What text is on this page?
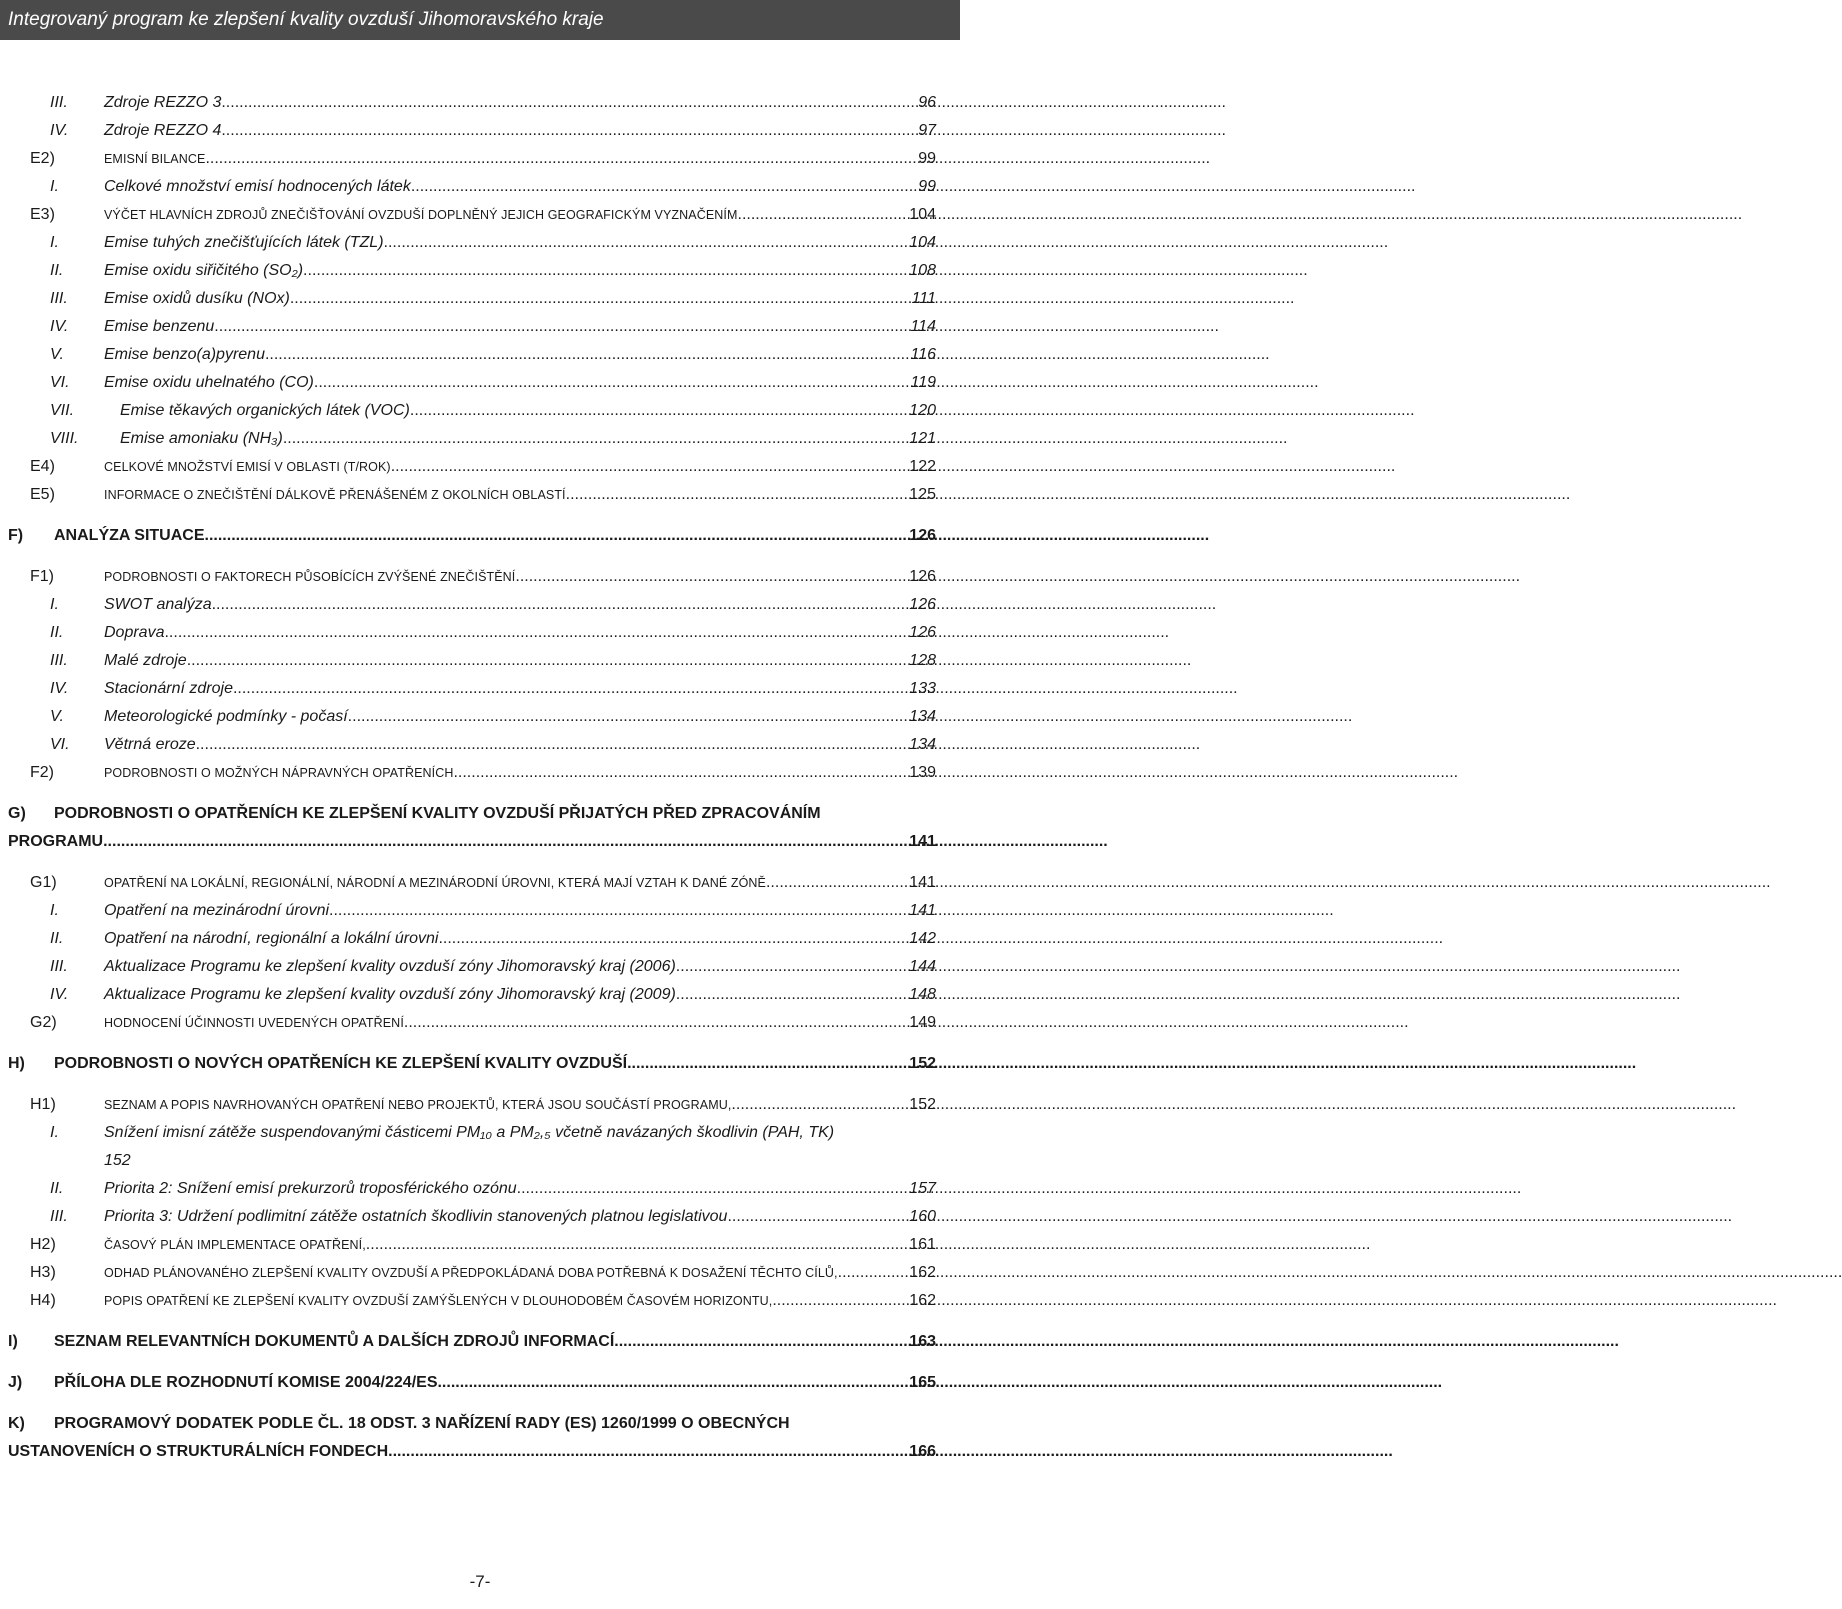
Integrovaný program ke zlepšení kvality ovzduší Jihomoravského kraje
III. Zdroje REZZO 3 .....	96
IV. Zdroje REZZO 4 .....	97
E2)	EMISNÍ BILANCE .....	99
I.	Celkové množství emisí hodnocených látek .....	99
E3)	VÝČET HLAVNÍCH ZDROJŮ ZNEČIŠŤOVÁNÍ OVZDUŠÍ DOPLNĚNÝ JEJICH GEOGRAFICKÝM VYZNAČENÍM .....	104
I.	Emise tuhých znečišťujících látek (TZL) .....	104
II.	Emise oxidu siřičitého (SO₂) .....	108
III. Emise oxidů dusíku (NOx) .....	111
IV. Emise benzenu .....	114
V.	Emise benzo(a)pyrenu .....	116
VI. Emise oxidu uhelnatého (CO) .....	119
VII.	Emise těkavých organických látek (VOC) .....	120
VIII.	Emise amoniaku (NH₃) .....	121
E4)	CELKOVÉ MNOŽSTVÍ EMISÍ V OBLASTI (T/ROK) .....	122
E5)	INFORMACE O ZNEČIŠTĚNÍ DÁLKOVĚ PŘENÁŠENÉM Z OKOLNÍCH OBLASTÍ .....	125
F) ANALÝZA SITUACE .....	126
F1)	PODROBNOSTI O FAKTORECH PŮSOBÍCÍCH ZVÝŠENÉ ZNEČIŠTĚNÍ .....	126
I.	SWOT analýza .....	126
II.	Doprava .....	126
III. Malé zdroje .....	128
IV. Stacionární zdroje .....	133
V.	Meteorologické podmínky - počasí .....	134
VI. Větrná eroze .....	134
F2)	PODROBNOSTI O MOŽNÝCH NÁPRAVNÝCH OPATŘENÍCH .....	139
G) PODROBNOSTI O OPATŘENÍCH KE ZLEPŠENÍ KVALITY OVZDUŠÍ PŘIJATÝCH PŘED ZPRACOVÁNÍM
PROGRAMU .....	141
G1)	OPATŘENÍ NA LOKÁLNÍ, REGIONÁLNÍ, NÁRODNÍ A MEZINÁRODNÍ ÚROVNI, KTERÁ MAJÍ VZTAH K DANÉ ZÓNĚ .....	141
I.	Opatření na mezinárodní úrovni .....	141
II.	Opatření na národní, regionální a lokální úrovni .....	142
III. Aktualizace Programu ke zlepšení kvality ovzduší zóny Jihomoravský kraj (2006) .....	144
IV. Aktualizace Programu ke zlepšení kvality ovzduší zóny Jihomoravský kraj (2009) .....	148
G2)	HODNOCENÍ ÚČINNOSTI UVEDENÝCH OPATŘENÍ .....	149
H) PODROBNOSTI O NOVÝCH OPATŘENÍCH KE ZLEPŠENÍ KVALITY OVZDUŠÍ. .....	152
H1)	SEZNAM A POPIS NAVRHOVANÝCH OPATŘENÍ NEBO PROJEKTŮ, KTERÁ JSOU SOUČÁSTÍ PROGRAMU, .....	152
I.	Snížení imisní zátěže suspendovanými částicemi PM₁₀ a PM₂,₅ včetně navázaných škodlivin (PAH, TK)
152
II.	Priorita 2: Snížení emisí prekurzorů troposférického ozónu .....	157
III. Priorita 3: Udržení podlimitní zátěže ostatních škodlivin stanovených platnou legislativou .....	160
H2)	ČASOVÝ PLÁN IMPLEMENTACE OPATŘENÍ, .....	161
H3)	ODHAD PLÁNOVANÉHO ZLEPŠENÍ KVALITY OVZDUŠÍ A PŘEDPOKLÁDANÁ DOBA POTŘEBNÁ K DOSAŽENÍ TĚCHTO CÍLŮ, .....	162
H4)	POPIS OPATŘENÍ KE ZLEPŠENÍ KVALITY OVZDUŠÍ ZAMÝŠLENÝCH V DLOUHODOBÉM ČASOVÉM HORIZONTU, .....	162
I) SEZNAM RELEVANTNÍCH DOKUMENTŮ A DALŠÍCH ZDROJŮ INFORMACÍ .....	163
J) PŘÍLOHA DLE ROZHODNUTÍ KOMISE 2004/224/ES .....	165
K) PROGRAMOVÝ DODATEK PODLE ČL. 18 ODST. 3 NAŘÍZENÍ RADY (ES) 1260/1999 O OBECNÝCH
USTANOVENÍCH O STRUKTURÁLNÍCH FONDECH .....	166
-7-
